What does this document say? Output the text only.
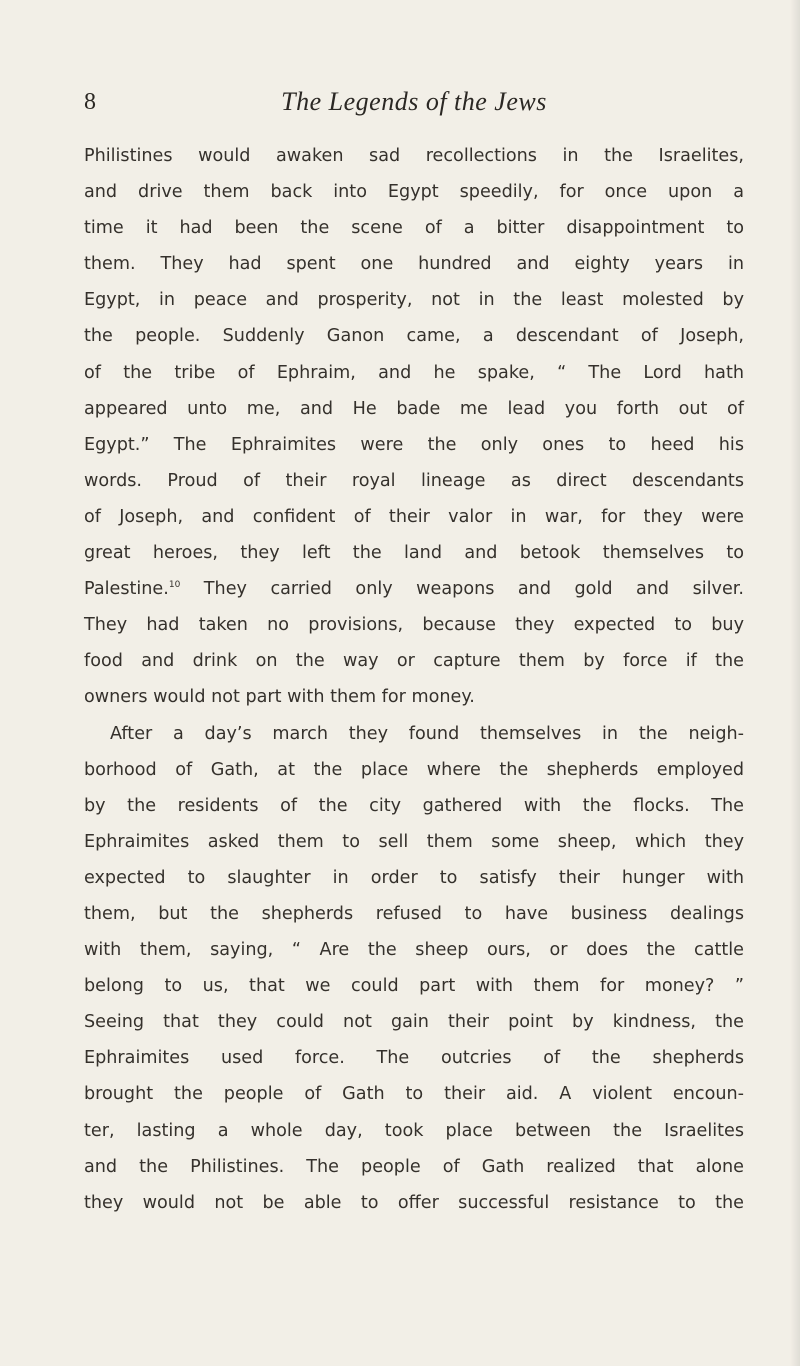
8	The Legends of the Jews
Philistines would awaken sad recollections in the Israelites,
and drive them back into Egypt speedily, for once upon a
time it had been the scene of a bitter disappointment to
them. They had spent one hundred and eighty years in
Egypt, in peace and prosperity, not in the least molested by
the people. Suddenly Ganon came, a descendant of Joseph,
of the tribe of Ephraim, and he spake, “ The Lord hath
appeared unto me, and He bade me lead you forth out of
Egypt.” The Ephraimites were the only ones to heed his
words. Proud of their royal lineage as direct descendants
of Joseph, and confident of their valor in war, for they were
great heroes, they left the land and betook themselves to
Palestine.$^{10}$ They carried only weapons and gold and silver.
They had taken no provisions, because they expected to buy
food and drink on the way or capture them by force if the
owners would not part with them for money.
After a day’s march they found themselves in the neigh-
borhood of Gath, at the place where the shepherds employed
by the residents of the city gathered with the flocks. The
Ephraimites asked them to sell them some sheep, which they
expected to slaughter in order to satisfy their hunger with
them, but the shepherds refused to have business dealings
with them, saying, “ Are the sheep ours, or does the cattle
belong to us, that we could part with them for money? ”
Seeing that they could not gain their point by kindness, the
Ephraimites used force. The outcries of the shepherds
brought the people of Gath to their aid. A violent encoun-
ter, lasting a whole day, took place between the Israelites
and the Philistines. The people of Gath realized that alone
they would not be able to offer successful resistance to the
